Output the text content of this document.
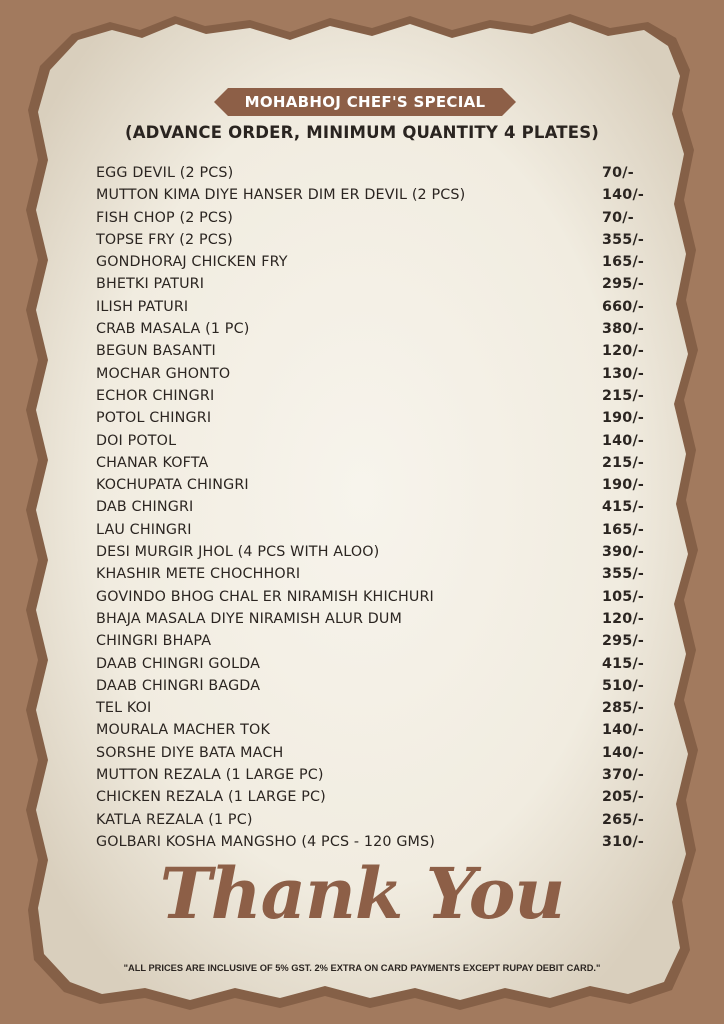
MOHABHOJ CHEF'S SPECIAL
(ADVANCE ORDER, MINIMUM QUANTITY 4 PLATES)
EGG DEVIL (2 PCS)	70/-
MUTTON KIMA DIYE HANSER DIM ER DEVIL (2 PCS)	140/-
FISH CHOP (2 PCS)	70/-
TOPSE FRY (2 PCS)	355/-
GONDHORAJ CHICKEN FRY	165/-
BHETKI PATURI	295/-
ILISH PATURI	660/-
CRAB MASALA (1 PC)	380/-
BEGUN BASANTI	120/-
MOCHAR GHONTO	130/-
ECHOR CHINGRI	215/-
POTOL CHINGRI	190/-
DOI POTOL	140/-
CHANAR KOFTA	215/-
KOCHUPATA CHINGRI	190/-
DAB CHINGRI	415/-
LAU CHINGRI	165/-
DESI MURGIR JHOL (4 PCS WITH ALOO)	390/-
KHASHIR METE CHOCHHORI	355/-
GOVINDO BHOG CHAL ER NIRAMISH KHICHURI	105/-
BHAJA MASALA DIYE NIRAMISH ALUR DUM	120/-
CHINGRI BHAPA	295/-
DAAB CHINGRI GOLDA	415/-
DAAB CHINGRI BAGDA	510/-
TEL KOI	285/-
MOURALA MACHER TOK	140/-
SORSHE DIYE BATA MACH	140/-
MUTTON REZALA (1 LARGE PC)	370/-
CHICKEN REZALA (1 LARGE PC)	205/-
KATLA REZALA (1 PC)	265/-
GOLBARI KOSHA MANGSHO (4 PCS - 120 GMS)	310/-
Thank You
"ALL PRICES ARE INCLUSIVE OF 5% GST. 2% EXTRA ON CARD PAYMENTS EXCEPT RUPAY DEBIT CARD."
